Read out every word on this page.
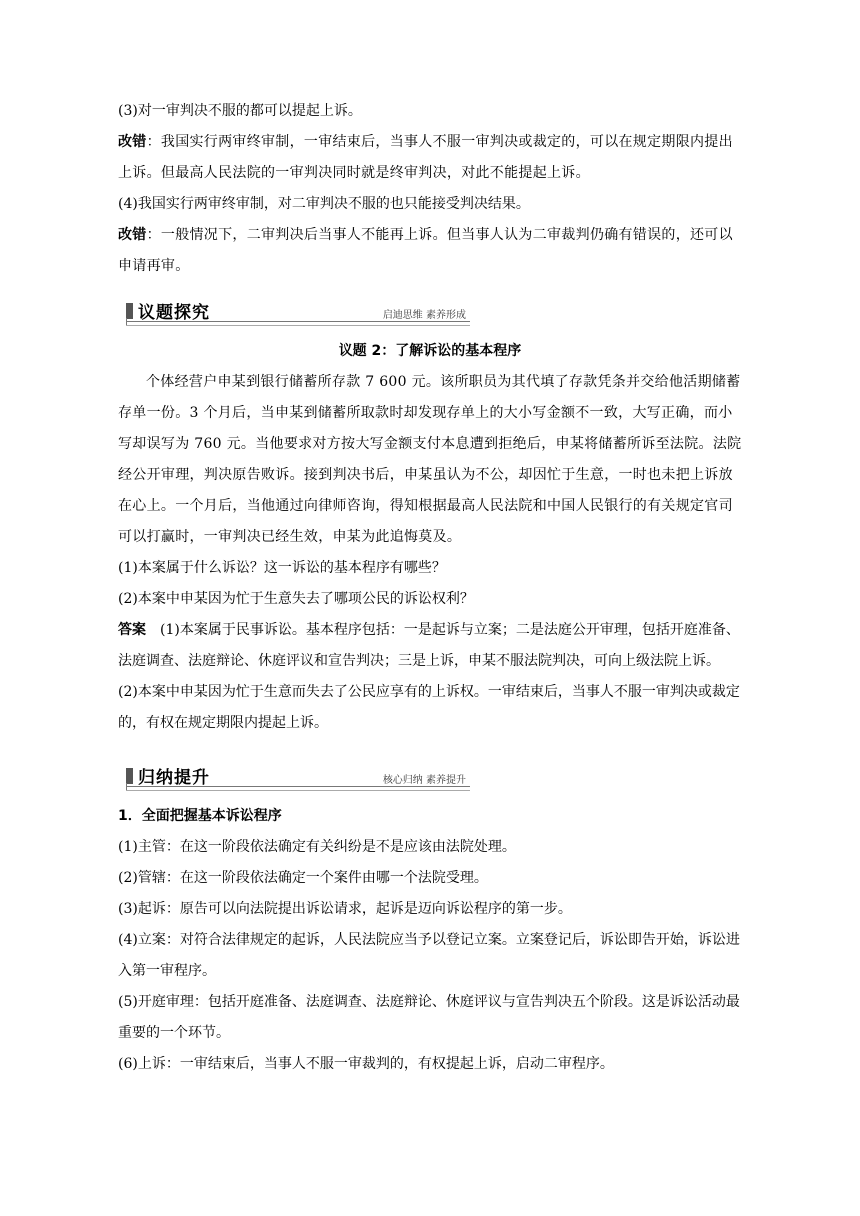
(3)对一审判决不服的都可以提起上诉。

改错：我国实行两审终审制，一审结束后，当事人不服一审判决或裁定的，可以在规定期限内提出上诉。但最高人民法院的一审判决同时就是终审判决，对此不能提起上诉。

(4)我国实行两审终审制，对二审判决不服的也只能接受判决结果。

改错：一般情况下，二审判决后当事人不能再上诉。但当事人认为二审裁判仍确有错误的，还可以申请再审。

议题探究	启迪思维 素养形成

议题 2：了解诉讼的基本程序

个体经营户申某到银行储蓄所存款 7 600 元。该所职员为其代填了存款凭条并交给他活期储蓄存单一份。3 个月后，当申某到储蓄所取款时却发现存单上的大小写金额不一致，大写正确，而小写却误写为 760 元。当他要求对方按大写金额支付本息遭到拒绝后，申某将储蓄所诉至法院。法院经公开审理，判决原告败诉。接到判决书后，申某虽认为不公，却因忙于生意，一时也未把上诉放在心上。一个月后，当他通过向律师咨询，得知根据最高人民法院和中国人民银行的有关规定官司可以打赢时，一审判决已经生效，申某为此追悔莫及。

(1)本案属于什么诉讼？这一诉讼的基本程序有哪些？

(2)本案中申某因为忙于生意失去了哪项公民的诉讼权利？

答案　(1)本案属于民事诉讼。基本程序包括：一是起诉与立案；二是法庭公开审理，包括开庭准备、法庭调查、法庭辩论、休庭评议和宣告判决；三是上诉，申某不服法院判决，可向上级法院上诉。

(2)本案中申某因为忙于生意而失去了公民应享有的上诉权。一审结束后，当事人不服一审判决或裁定的，有权在规定期限内提起上诉。

归纳提升	核心归纳 素养提升

1．全面把握基本诉讼程序

(1)主管：在这一阶段依法确定有关纠纷是不是应该由法院处理。

(2)管辖：在这一阶段依法确定一个案件由哪一个法院受理。

(3)起诉：原告可以向法院提出诉讼请求，起诉是迈向诉讼程序的第一步。

(4)立案：对符合法律规定的起诉，人民法院应当予以登记立案。立案登记后，诉讼即告开始，诉讼进入第一审程序。

(5)开庭审理：包括开庭准备、法庭调查、法庭辩论、休庭评议与宣告判决五个阶段。这是诉讼活动最重要的一个环节。

(6)上诉：一审结束后，当事人不服一审裁判的，有权提起上诉，启动二审程序。
